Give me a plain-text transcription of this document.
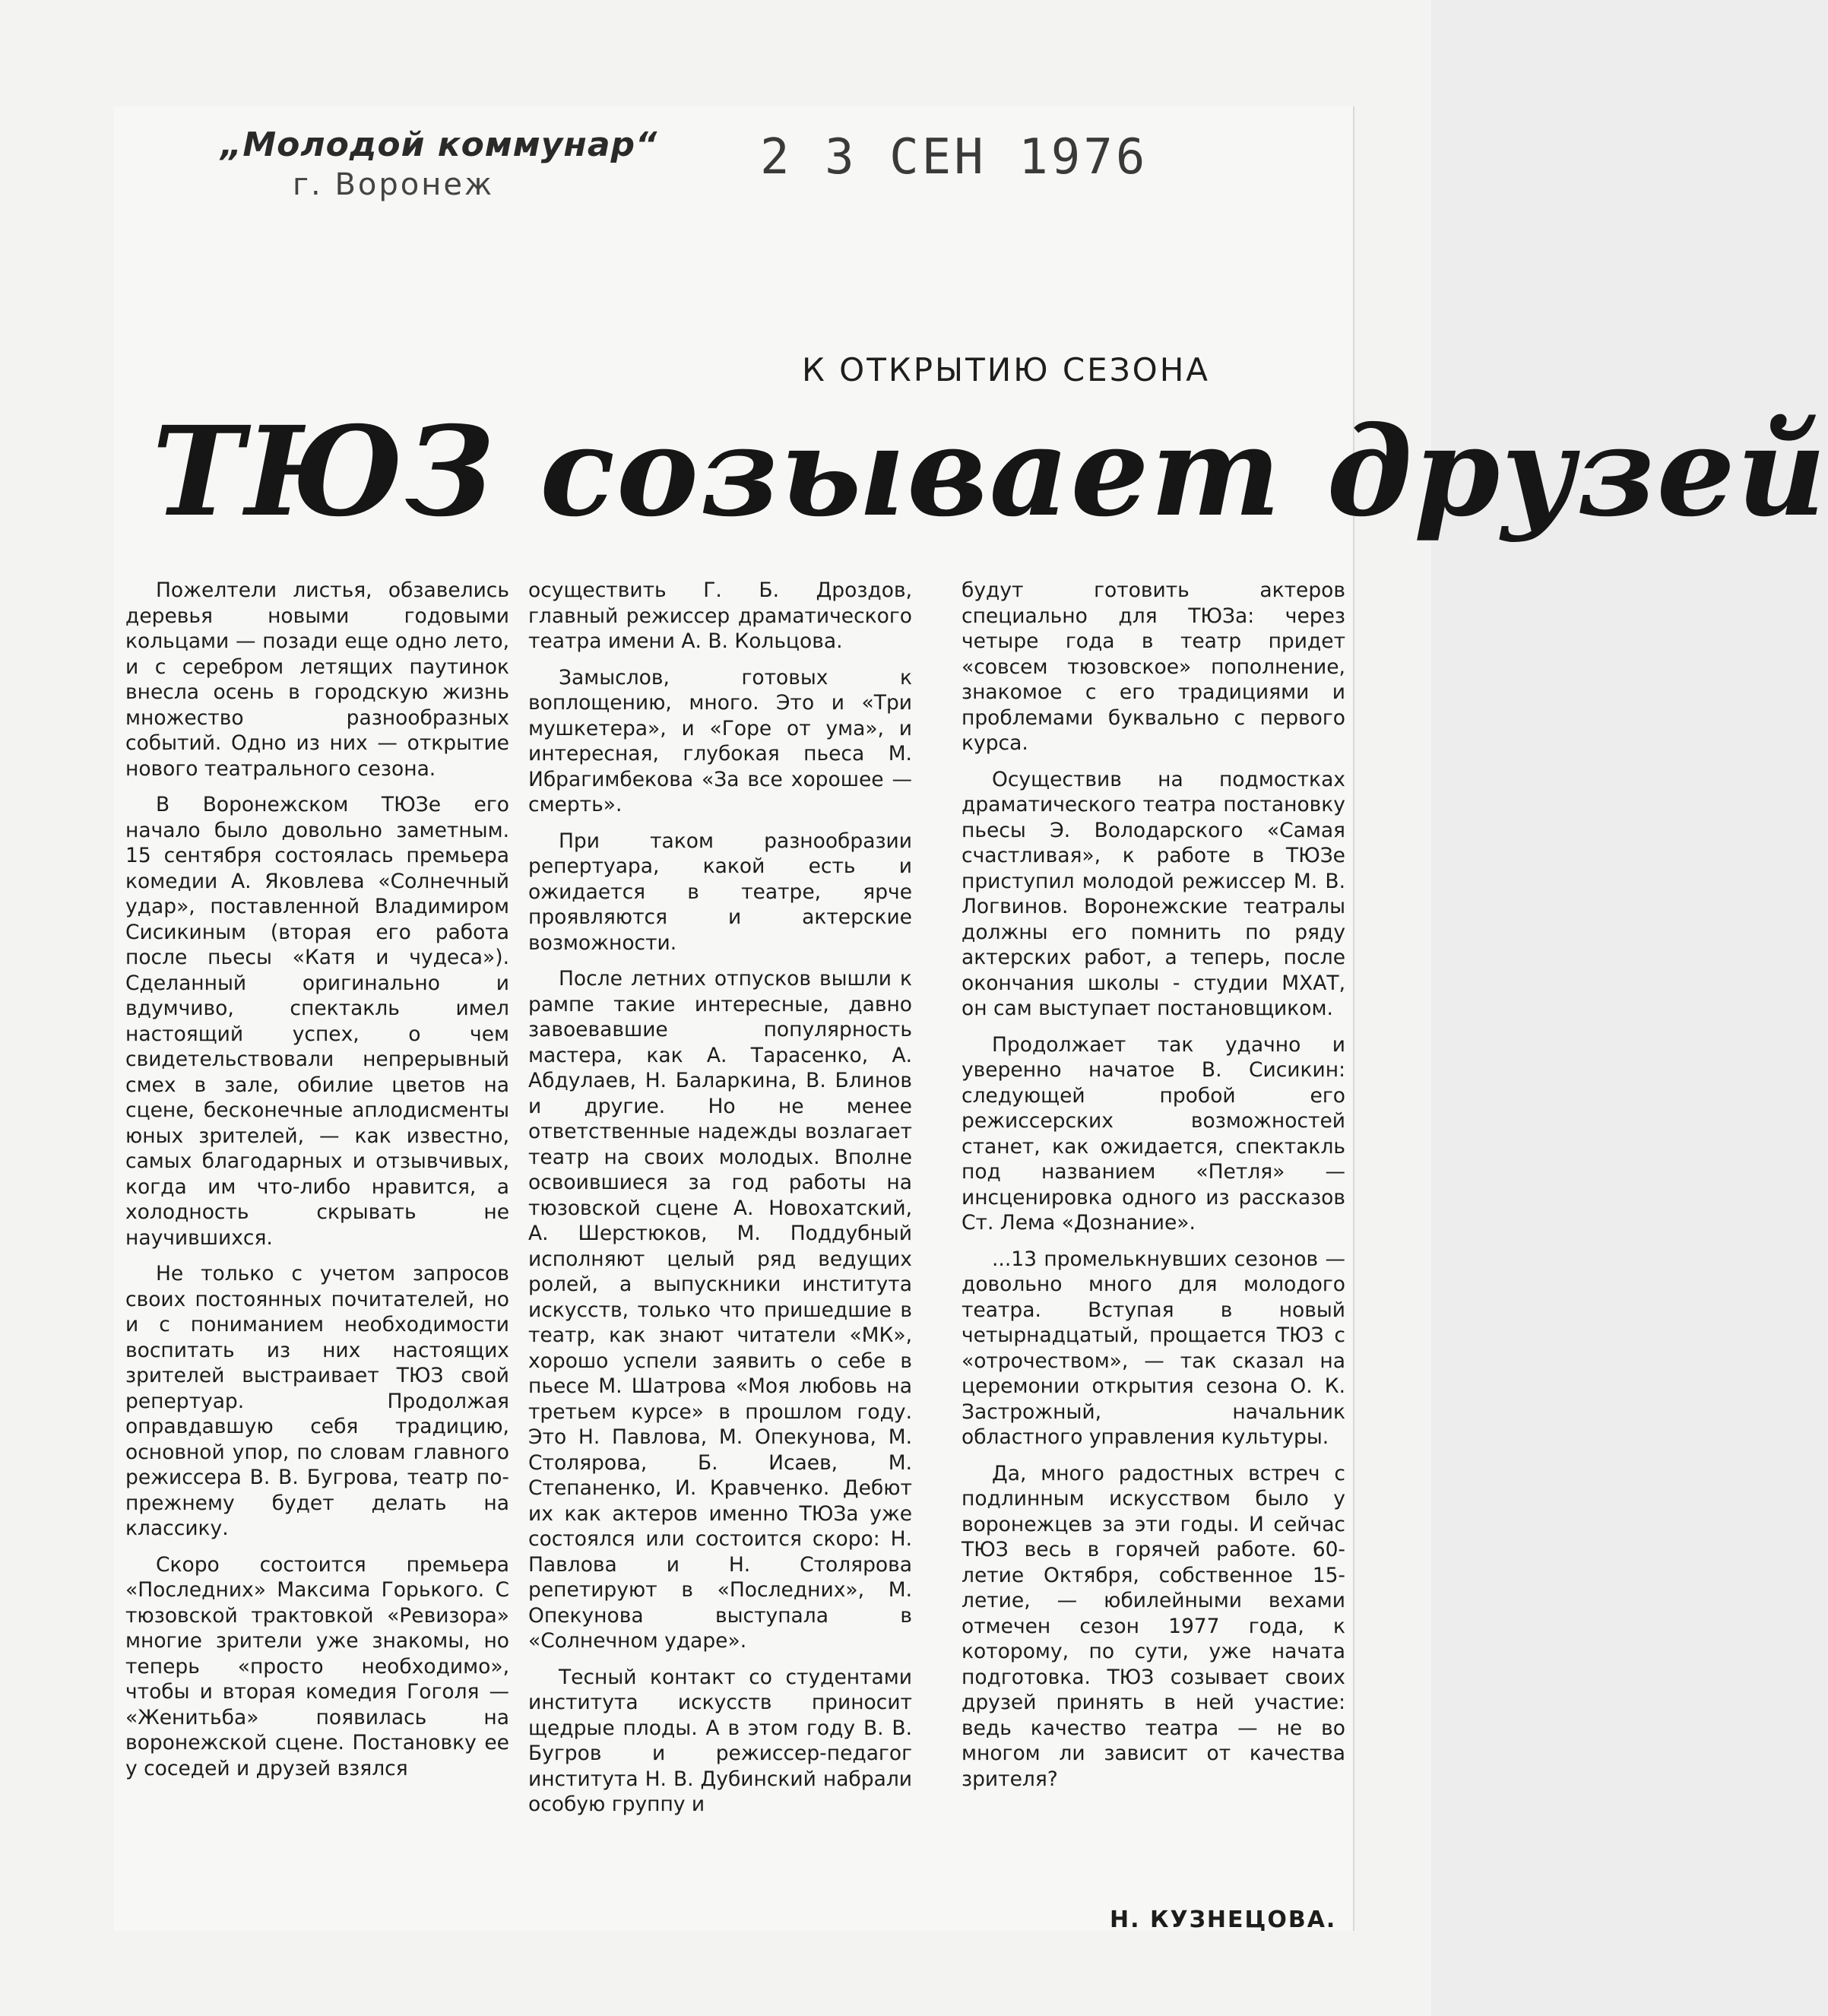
„Молодой коммунар“
г. Воронеж	2 3 СЕН 1976
К ОТКРЫТИЮ СЕЗОНА
ТЮЗ созывает друзей

Пожелтели листья, обзавелись деревья новыми годовыми кольцами — позади еще одно лето, и с серебром летящих паутинок внесла осень в городскую жизнь множество разнообразных событий. Одно из них — открытие нового театрального сезона.

В Воронежском ТЮЗе его начало было довольно заметным. 15 сентября состоялась премьера комедии А. Яковлева «Солнечный удар», поставленной Владимиром Сисикиным (вторая его работа после пьесы «Катя и чудеса»). Сделанный оригинально и вдумчиво, спектакль имел настоящий успех, о чем свидетельствовали непрерывный смех в зале, обилие цветов на сцене, бесконечные аплодисменты юных зрителей, — как известно, самых благодарных и отзывчивых, когда им что-либо нравится, а холодность скрывать не научившихся.

Не только с учетом запросов своих постоянных почитателей, но и с пониманием необходимости воспитать из них настоящих зрителей выстраивает ТЮЗ свой репертуар. Продолжая оправдавшую себя традицию, основной упор, по словам главного режиссера В. В. Бугрова, театр по-прежнему будет делать на классику.

Скоро состоится премьера «Последних» Максима Горького. С тюзовской трактовкой «Ревизора» многие зрители уже знакомы, но теперь «просто необходимо», чтобы и вторая комедия Гоголя — «Женитьба» появилась на воронежской сцене. Постановку ее у соседей и друзей взялся

осуществить Г. Б. Дроздов, главный режиссер драматического театра имени А. В. Кольцова.

Замыслов, готовых к воплощению, много. Это и «Три мушкетера», и «Горе от ума», и интересная, глубокая пьеса М. Ибрагимбекова «За все хорошее — смерть».

При таком разнообразии репертуара, какой есть и ожидается в театре, ярче проявляются и актерские возможности.

После летних отпусков вышли к рампе такие интересные, давно завоевавшие популярность мастера, как А. Тарасенко, А. Абдулаев, Н. Баларкина, В. Блинов и другие. Но не менее ответственные надежды возлагает театр на своих молодых. Вполне освоившиеся за год работы на тюзовской сцене А. Новохатский, А. Шерстюков, М. Поддубный исполняют целый ряд ведущих ролей, а выпускники института искусств, только что пришедшие в театр, как знают читатели «МК», хорошо успели заявить о себе в пьесе М. Шатрова «Моя любовь на третьем курсе» в прошлом году. Это Н. Павлова, М. Опекунова, М. Столярова, Б. Исаев, М. Степаненко, И. Кравченко. Дебют их как актеров именно ТЮЗа уже состоялся или состоится скоро: Н. Павлова и Н. Столярова репетируют в «Последних», М. Опекунова выступала в «Солнечном ударе».

Тесный контакт со студентами института искусств приносит щедрые плоды. А в этом году В. В. Бугров и режиссер-педагог института Н. В. Дубинский набрали особую группу и

будут готовить актеров специально для ТЮЗа: через четыре года в театр придет «совсем тюзовское» пополнение, знакомое с его традициями и проблемами буквально с первого курса.

Осуществив на подмостках драматического театра постановку пьесы Э. Володарского «Самая счастливая», к работе в ТЮЗе приступил молодой режиссер М. В. Логвинов. Воронежские театралы должны его помнить по ряду актерских работ, а теперь, после окончания школы - студии МХАТ, он сам выступает постановщиком.

Продолжает так удачно и уверенно начатое В. Сисикин: следующей пробой его режиссерских возможностей станет, как ожидается, спектакль под названием «Петля» — инсценировка одного из рассказов Ст. Лема «Дознание».

...13 промелькнувших сезонов — довольно много для молодого театра. Вступая в новый четырнадцатый, прощается ТЮЗ с «отрочеством», — так сказал на церемонии открытия сезона О. К. Застрожный, начальник областного управления культуры.

Да, много радостных встреч с подлинным искусством было у воронежцев за эти годы. И сейчас ТЮЗ весь в горячей работе. 60-летие Октября, собственное 15-летие, — юбилейными вехами отмечен сезон 1977 года, к которому, по сути, уже начата подготовка. ТЮЗ созывает своих друзей принять в ней участие: ведь качество театра — не во многом ли зависит от качества зрителя?

Н. КУЗНЕЦОВА.
